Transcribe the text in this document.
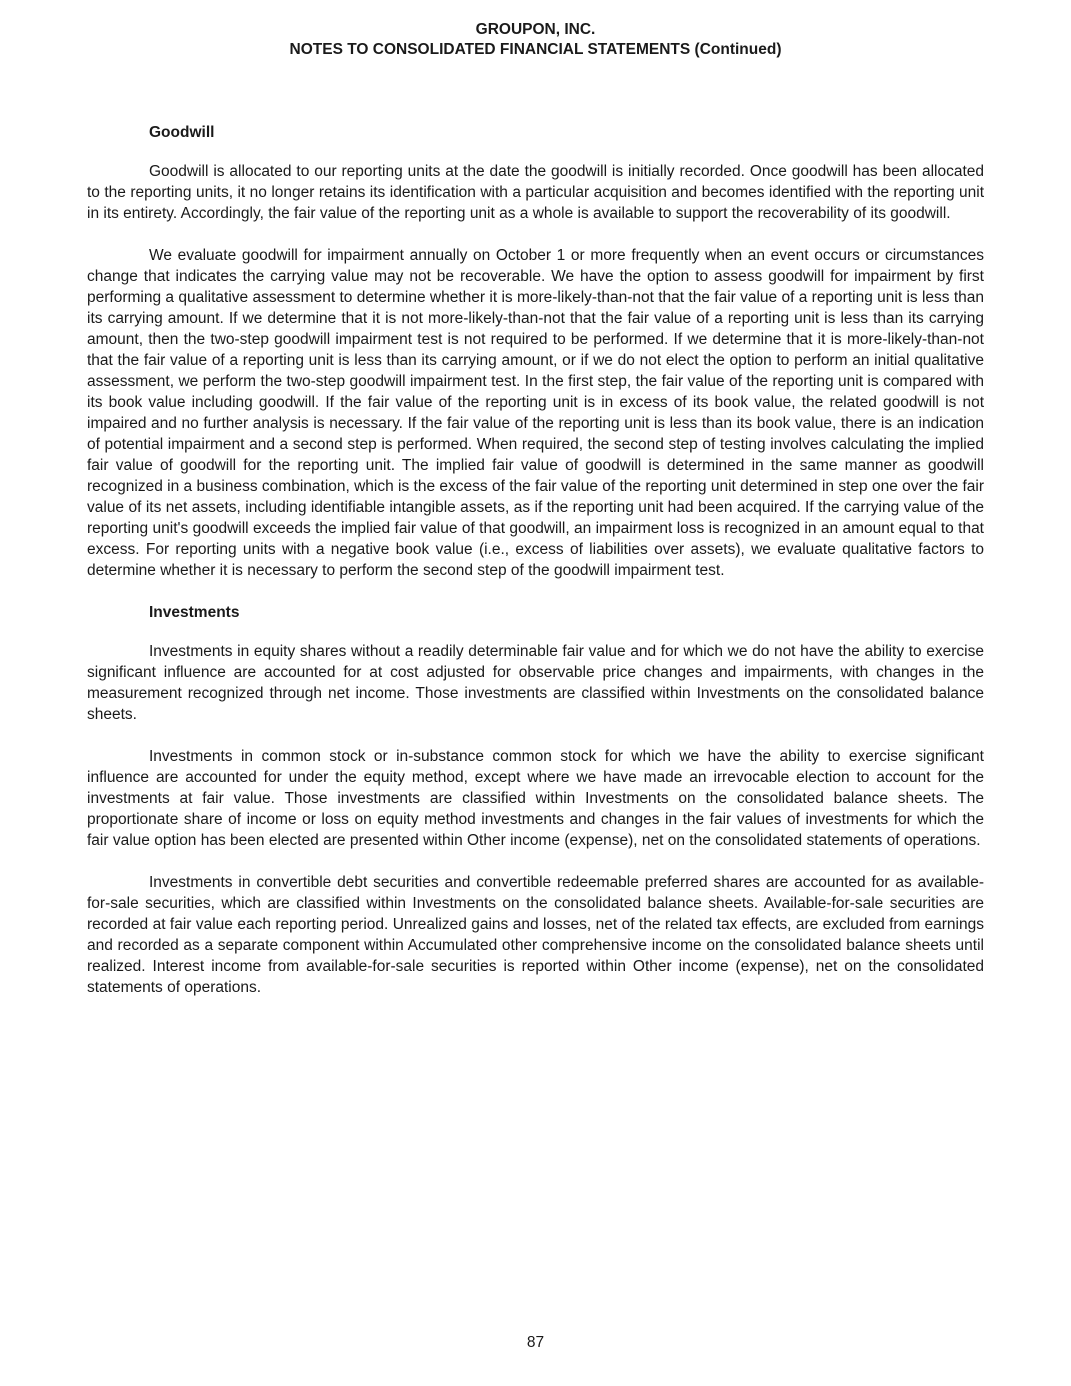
GROUPON, INC.
NOTES TO CONSOLIDATED FINANCIAL STATEMENTS (Continued)
Goodwill

Goodwill is allocated to our reporting units at the date the goodwill is initially recorded. Once goodwill has been allocated to the reporting units, it no longer retains its identification with a particular acquisition and becomes identified with the reporting unit in its entirety. Accordingly, the fair value of the reporting unit as a whole is available to support the recoverability of its goodwill.

We evaluate goodwill for impairment annually on October 1 or more frequently when an event occurs or circumstances change that indicates the carrying value may not be recoverable. We have the option to assess goodwill for impairment by first performing a qualitative assessment to determine whether it is more-likely-than-not that the fair value of a reporting unit is less than its carrying amount. If we determine that it is not more-likely-than-not that the fair value of a reporting unit is less than its carrying amount, then the two-step goodwill impairment test is not required to be performed. If we determine that it is more-likely-than-not that the fair value of a reporting unit is less than its carrying amount, or if we do not elect the option to perform an initial qualitative assessment, we perform the two-step goodwill impairment test. In the first step, the fair value of the reporting unit is compared with its book value including goodwill. If the fair value of the reporting unit is in excess of its book value, the related goodwill is not impaired and no further analysis is necessary. If the fair value of the reporting unit is less than its book value, there is an indication of potential impairment and a second step is performed. When required, the second step of testing involves calculating the implied fair value of goodwill for the reporting unit. The implied fair value of goodwill is determined in the same manner as goodwill recognized in a business combination, which is the excess of the fair value of the reporting unit determined in step one over the fair value of its net assets, including identifiable intangible assets, as if the reporting unit had been acquired. If the carrying value of the reporting unit's goodwill exceeds the implied fair value of that goodwill, an impairment loss is recognized in an amount equal to that excess. For reporting units with a negative book value (i.e., excess of liabilities over assets), we evaluate qualitative factors to determine whether it is necessary to perform the second step of the goodwill impairment test.

Investments

Investments in equity shares without a readily determinable fair value and for which we do not have the ability to exercise significant influence are accounted for at cost adjusted for observable price changes and impairments, with changes in the measurement recognized through net income. Those investments are classified within Investments on the consolidated balance sheets.

Investments in common stock or in-substance common stock for which we have the ability to exercise significant influence are accounted for under the equity method, except where we have made an irrevocable election to account for the investments at fair value. Those investments are classified within Investments on the consolidated balance sheets. The proportionate share of income or loss on equity method investments and changes in the fair values of investments for which the fair value option has been elected are presented within Other income (expense), net on the consolidated statements of operations.

Investments in convertible debt securities and convertible redeemable preferred shares are accounted for as available-for-sale securities, which are classified within Investments on the consolidated balance sheets. Available-for-sale securities are recorded at fair value each reporting period. Unrealized gains and losses, net of the related tax effects, are excluded from earnings and recorded as a separate component within Accumulated other comprehensive income on the consolidated balance sheets until realized. Interest income from available-for-sale securities is reported within Other income (expense), net on the consolidated statements of operations.

87
